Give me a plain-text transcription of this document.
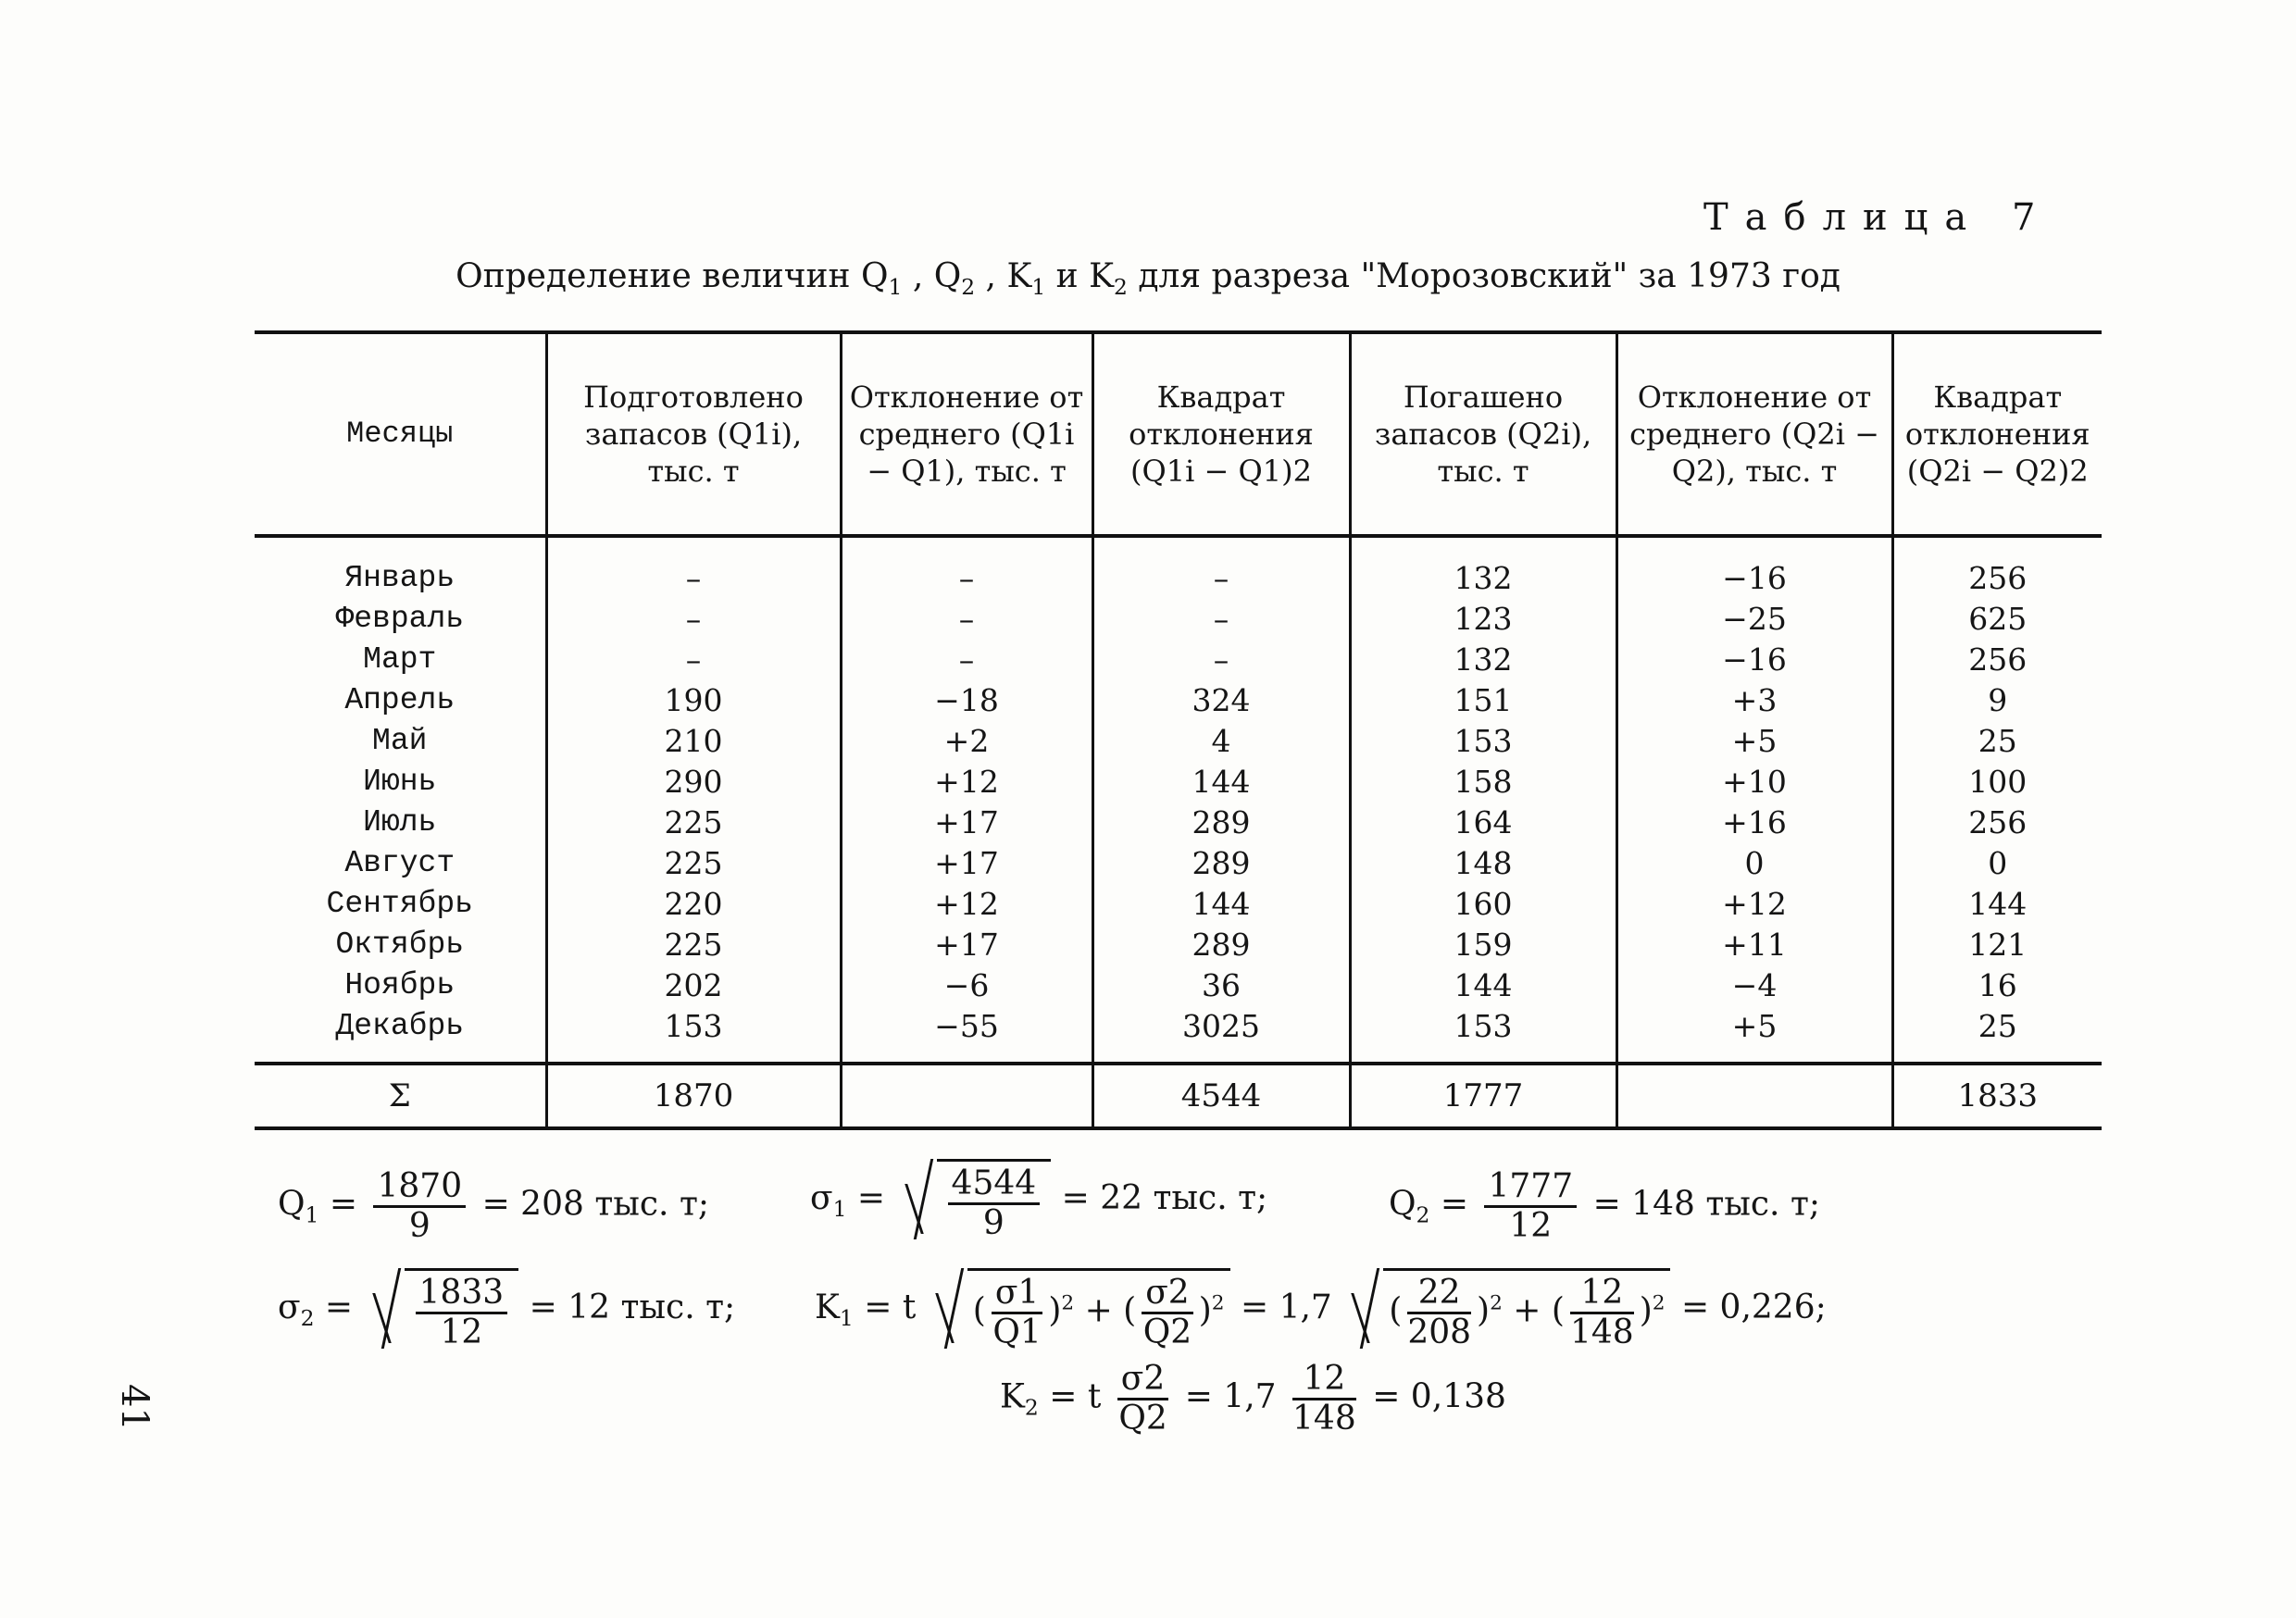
Таблица 7
Определение величин $Q_1$ , $Q_2$ , $K_1$ и $K_2$ для разреза "Морозовский" за 1973 год
Месяцы	Подготовлено запасов (Q1i), тыс. т	Отклонение от среднего (Q1i − Q1), тыс. т	Квадрат отклонения (Q1i − Q1)2	Погашено запасов (Q2i), тыс. т	Отклонение от среднего (Q2i − Q2), тыс. т	Квадрат отклонения (Q2i − Q2)2
Январь	–	–	–	132	−16	256
Февраль	–	–	–	123	−25	625
Март	–	–	–	132	−16	256
Апрель	190	−18	324	151	+3	9
Май	210	+2	4	153	+5	25
Июнь	290	+12	144	158	+10	100
Июль	225	+17	289	164	+16	256
Август	225	+17	289	148	0	0
Сентябрь	220	+12	144	160	+12	144
Октябрь	225	+17	289	159	+11	121
Ноябрь	202	−6	36	144	−4	16
Декабрь	153	−55	3025	153	+5	25
Σ	1870		4544	1777		1833
$Q_1 = \frac{1870}{9} = 208$ тыс. т;	$\sigma_1 = \frac{4544}{9} = 22$ тыс. т;	$Q_2 = \frac{1777}{12} = 148$ тыс. т;
$\sigma_2 = \frac{1833}{12} = 12$ тыс. т; $K_1 = t$ ( $\frac{\sigma 1}{Q1} )^2$ + ( $\frac{\sigma 2}{Q2} )^2 = 1,7$ ( $\frac{22}{208} )^2$ + ( $\frac{12}{148} )^2 = 0,226$;
$K_2 = t \frac{\sigma 2}{Q2} = 1,7 \frac{12}{148} = 0,138$
41
